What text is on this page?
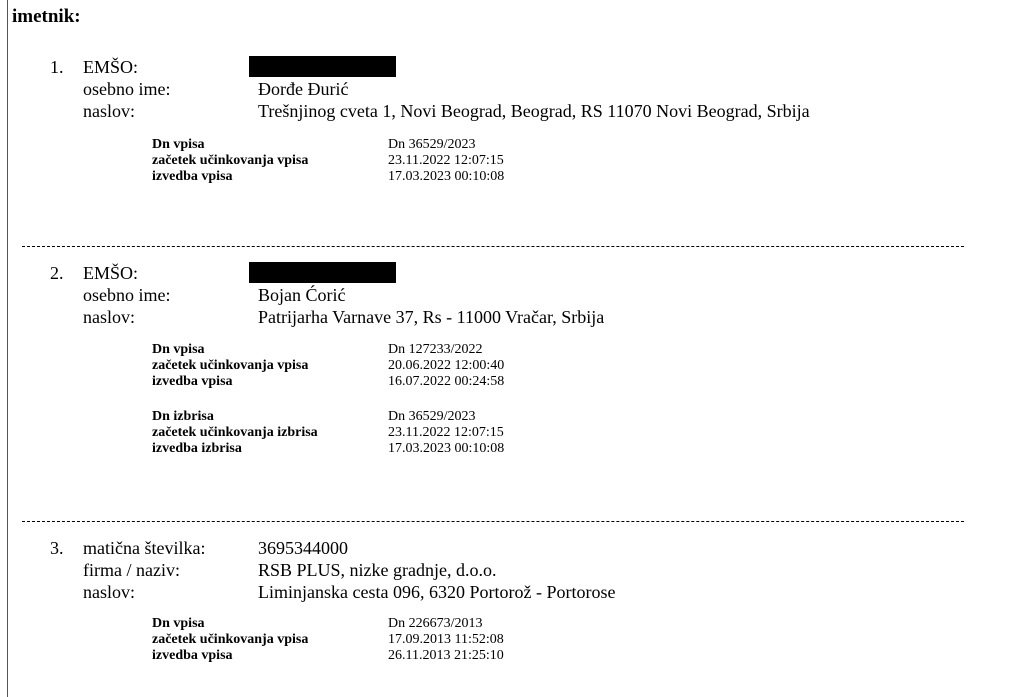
imetnik:
1. EMŠO:
osebno ime:	Đorđe Đurić
naslov:	Trešnjinog cveta 1, Novi Beograd, Beograd, RS 11070 Novi Beograd, Srbija
Dn vpisa	Dn 36529/2023
začetek učinkovanja vpisa	23.11.2022 12:07:15
izvedba vpisa	17.03.2023 00:10:08
2. EMŠO:
osebno ime:	Bojan Ćorić
naslov:	Patrijarha Varnave 37, Rs - 11000 Vračar, Srbija
Dn vpisa	Dn 127233/2022
začetek učinkovanja vpisa	20.06.2022 12:00:40
izvedba vpisa	16.07.2022 00:24:58
Dn izbrisa	Dn 36529/2023
začetek učinkovanja izbrisa	23.11.2022 12:07:15
izvedba izbrisa	17.03.2023 00:10:08
3. matična številka:	3695344000
firma / naziv:	RSB PLUS, nizke gradnje, d.o.o.
naslov:	Liminjanska cesta 096, 6320 Portorož - Portorose
Dn vpisa	Dn 226673/2013
začetek učinkovanja vpisa	17.09.2013 11:52:08
izvedba vpisa	26.11.2013 21:25:10
